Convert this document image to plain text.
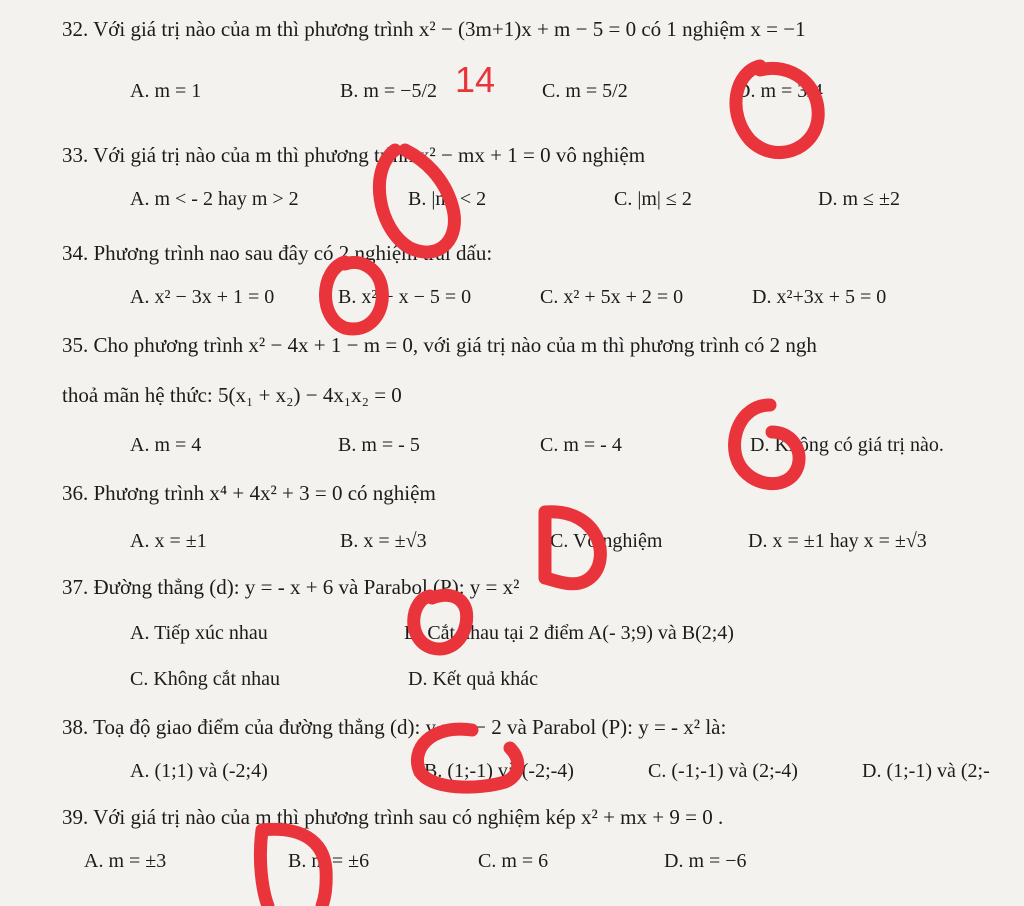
32. Với giá trị nào của m thì phương trình x² − (3m+1)x + m − 5 = 0 có 1 nghiệm x = −1
A. m = 1	B. m = −5/2	C. m = 5/2	D. m = 3/4
14
33. Với giá trị nào của m thì phương trình x² − mx + 1 = 0 vô nghiệm
A. m < - 2 hay m > 2	B. |m| < 2	C. |m| ≤ 2	D. m ≤ ±2
34. Phương trình nao sau đây có 2 nghiệm trái dấu:
A. x² − 3x + 1 = 0	B. x² − x − 5 = 0	C. x² + 5x + 2 = 0	D. x²+3x + 5 = 0
35. Cho phương trình x² − 4x + 1 − m = 0, với giá trị nào của m thì phương trình có 2 ngh
thoả mãn hệ thức: 5(x₁ + x₂) − 4x₁x₂ = 0
A. m = 4	B. m = - 5	C. m = - 4	D. Không có giá trị nào.
36. Phương trình x⁴ + 4x² + 3 = 0 có nghiệm
A. x = ±1	B. x = ±√3	C. Vô nghiệm	D. x = ±1 hay x = ±√3
37. Đường thẳng (d): y = - x + 6 và Parabol (P): y = x²
A. Tiếp xúc nhau	B. Cắt nhau tại 2 điểm A(- 3;9) và B(2;4)
C. Không cắt nhau	D. Kết quả khác
38. Toạ độ giao điểm của đường thẳng (d): y = x − 2 và Parabol (P): y = - x² là:
A. (1;1) và (-2;4)	B. (1;-1) và (-2;-4)	C. (-1;-1) và (2;-4)	D. (1;-1) và (2;-
39. Với giá trị nào của m thì phương trình sau có nghiệm kép x² + mx + 9 = 0 .
A. m = ±3	B. m = ±6	C. m = 6	D. m = −6
